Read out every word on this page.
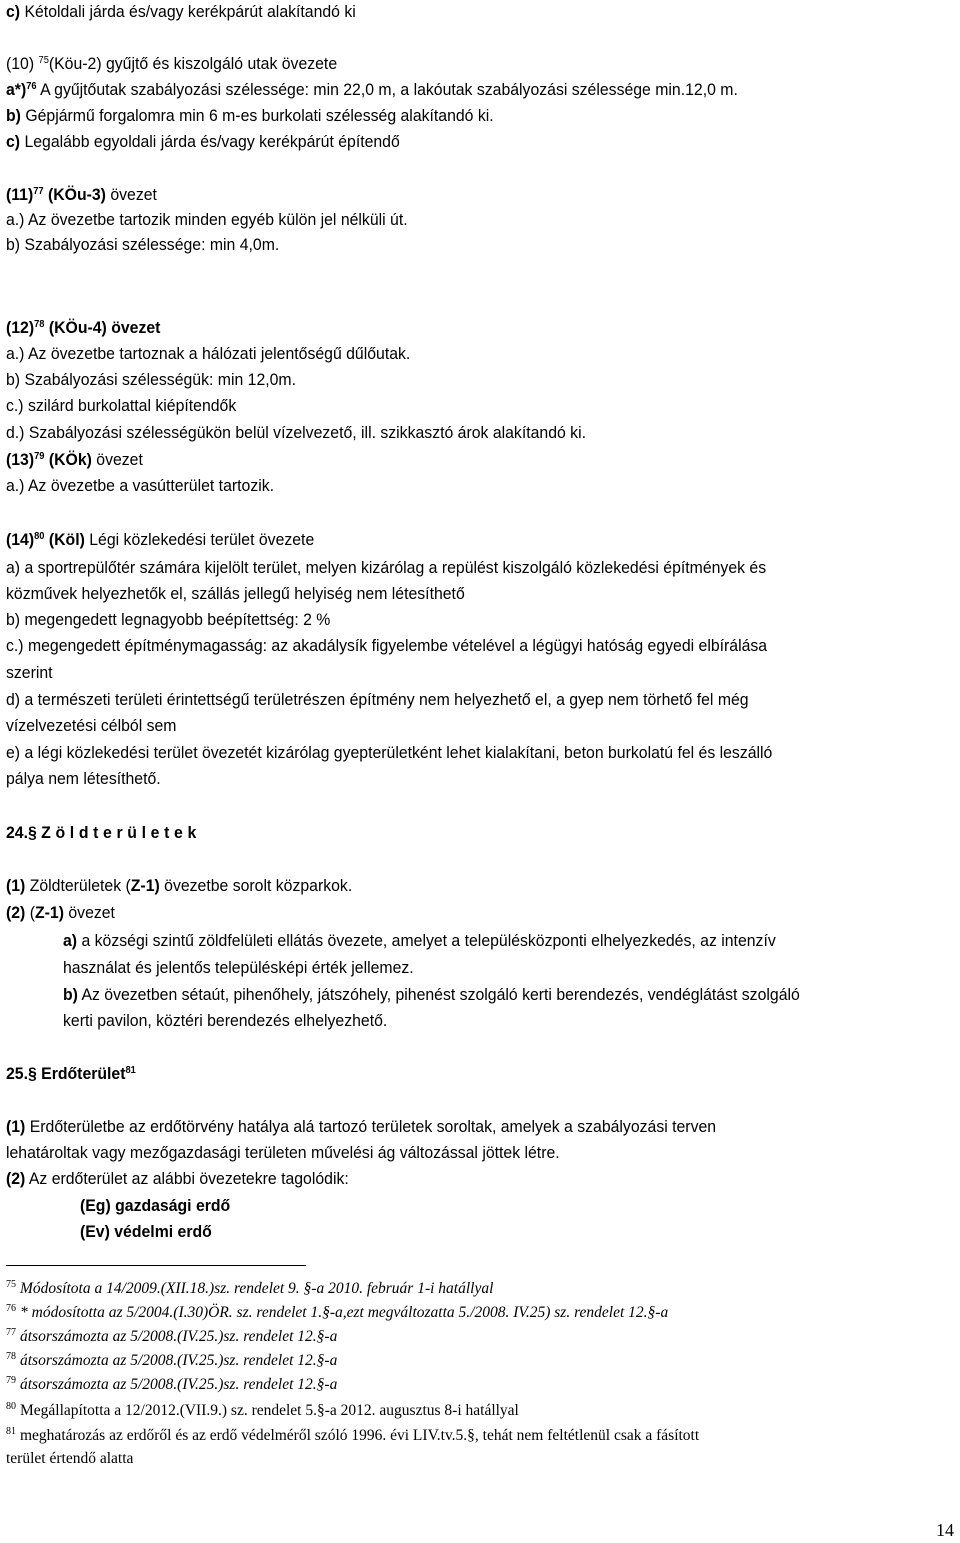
c) Kétoldali járda és/vagy kerékpárút alakítandó ki
(10) $^{75}$(Köu-2) gyűjtő és kiszolgáló utak övezete
a*)$^{76}$ A gyűjtőutak szabályozási szélessége: min 22,0 m, a lakóutak szabályozási szélessége min.12,0 m.
b) Gépjármű forgalomra min 6 m-es burkolati szélesség alakítandó ki.
c) Legalább egyoldali járda és/vagy kerékpárút építendő
$(11)^{77}$ (KÖu-3) övezet
a.) Az övezetbe tartozik minden egyéb külön jel nélküli út.
b) Szabályozási szélessége: min 4,0m.
$(12)^{78}$ (KÖu-4) övezet
a.) Az övezetbe tartoznak a hálózati jelentőségű dűlőutak.
b) Szabályozási szélességük: min 12,0m.
c.) szilárd burkolattal kiépítendők
d.) Szabályozási szélességükön belül vízelvezető, ill. szikkasztó árok alakítandó ki.
$(13)^{79}$ (KÖk) övezet
a.) Az övezetbe a vasútterület tartozik.
$(14)^{80}$ (Köl) Légi közlekedési terület övezete
a) a sportrepülőtér számára kijelölt terület, melyen kizárólag a repülést kiszolgáló közlekedési építmények és
közművek helyezhetők el, szállás jellegű helyiség nem létesíthető
b) megengedett legnagyobb beépítettség: 2 %
c.) megengedett építménymagasság: az akadálysík figyelembe vételével a légügyi hatóság egyedi elbírálása
szerint
d) a természeti területi érintettségű területrészen építmény nem helyezhető el, a gyep nem törhető fel még
vízelvezetési célból sem
e) a légi közlekedési terület övezetét kizárólag gyepterületként lehet kialakítani, beton burkolatú fel és leszálló
pálya nem létesíthető.
24.§ Zöldterületek
(1) Zöldterületek (Z-1) övezetbe sorolt közparkok.
(2) (Z-1) övezet
a) a községi szintű zöldfelületi ellátás övezete, amelyet a településközponti elhelyezkedés, az intenzív
használat és jelentős településképi érték jellemez.
b) Az övezetben sétaút, pihenőhely, játszóhely, pihenést szolgáló kerti berendezés, vendéglátást szolgáló
kerti pavilon, köztéri berendezés elhelyezhető.
25.§ Erdőterület$^{81}$
(1) Erdőterületbe az erdőtörvény hatálya alá tartozó területek soroltak, amelyek a szabályozási terven
lehatároltak vagy mezőgazdasági területen művelési ág változással jöttek létre.
(2) Az erdőterület az alábbi övezetekre tagolódik:
(Eg) gazdasági erdő
(Ev) védelmi erdő
$^{75}$ Módosítota a 14/2009.(XII.18.)sz. rendelet 9. §-a 2010. február 1-i hatállyal
$^{76}$ * módosította az 5/2004.(I.30)ÖR. sz. rendelet 1.§-a,ezt megváltozatta 5./2008. IV.25) sz. rendelet 12.§-a
$^{77}$ átsorszámozta az 5/2008.(IV.25.)sz. rendelet 12.§-a
$^{78}$ átsorszámozta az 5/2008.(IV.25.)sz. rendelet 12.§-a
$^{79}$ átsorszámozta az 5/2008.(IV.25.)sz. rendelet 12.§-a
$^{80}$ Megállapította a 12/2012.(VII.9.) sz. rendelet 5.§-a 2012. augusztus 8-i hatállyal
$^{81}$ meghatározás az erdőről és az erdő védelméről szóló 1996. évi LIV.tv.5.§, tehát nem feltétlenül csak a fásított
terület értendő alatta
14
